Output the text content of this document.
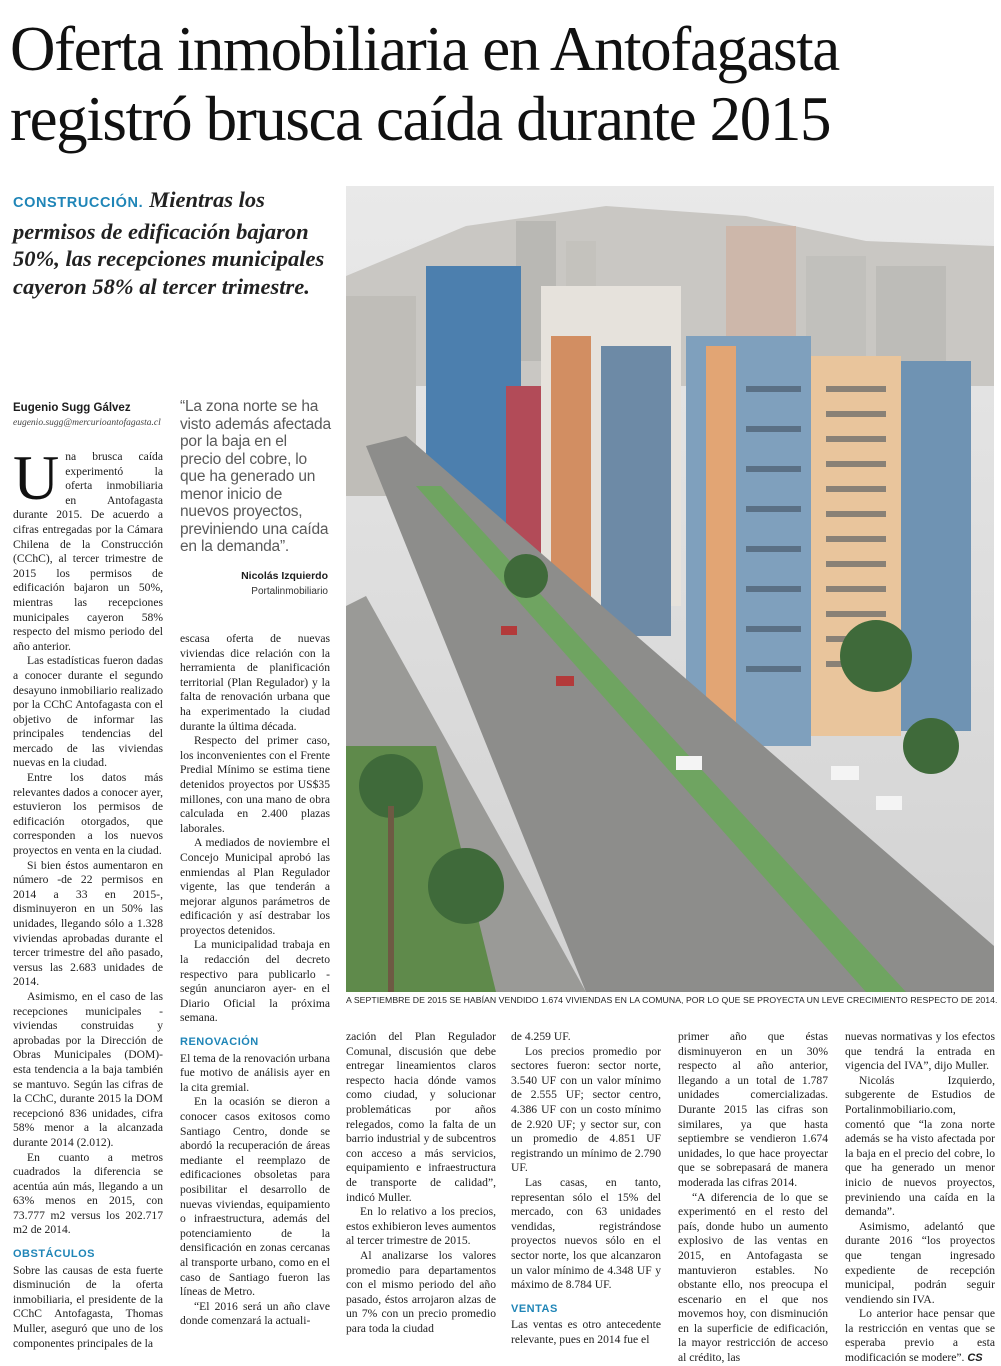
Oferta inmobiliaria en Antofagasta
registró brusca caída durante 2015
CONSTRUCCIÓN. Mientras los permisos de edificación bajaron 50%, las recepciones municipales cayeron 58% al tercer trimestre.
Eugenio Sugg Gálvez
eugenio.sugg@mercurioantofagasta.cl
“La zona norte se ha visto además afectada por la baja en el precio del cobre, lo que ha generado un menor inicio de nuevos proyectos, previniendo una caída en la demanda”.
Nicolás Izquierdo
Portalinmobiliario
U na brusca caída experimentó la oferta inmobiliaria en Antofagasta durante 2015. De acuerdo a cifras entregadas por la Cámara Chilena de la Construcción (CChC), al tercer trimestre de 2015 los permisos de edificación bajaron un 50%, mientras las recepciones municipales cayeron 58% respecto del mismo periodo del año anterior.

Las estadísticas fueron dadas a conocer durante el segundo desayuno inmobiliario realizado por la CChC Antofagasta con el objetivo de informar las principales tendencias del mercado de las viviendas nuevas en la ciudad.

Entre los datos más relevantes dados a conocer ayer, estuvieron los permisos de edificación otorgados, que corresponden a los nuevos proyectos en venta en la ciudad.

Si bien éstos aumentaron en número -de 22 permisos en 2014 a 33 en 2015-, disminuyeron en un 50% las unidades, llegando sólo a 1.328 viviendas aprobadas durante el tercer trimestre del año pasado, versus las 2.683 unidades de 2014.

Asimismo, en el caso de las recepciones municipales -viviendas construidas y aprobadas por la Dirección de Obras Municipales (DOM)- esta tendencia a la baja también se mantuvo. Según las cifras de la CChC, durante 2015 la DOM recepcionó 836 unidades, cifra 58% menor a la alcanzada durante 2014 (2.012).

En cuanto a metros cuadrados la diferencia se acentúa aún más, llegando a un 63% menos en 2015, con 73.777 m2 versus los 202.717 m2 de 2014.

OBSTÁCULOS

Sobre las causas de esta fuerte disminución de la oferta inmobiliaria, el presidente de la CChC Antofagasta, Thomas Muller, aseguró que uno de los componentes principales de la

escasa oferta de nuevas viviendas dice relación con la herramienta de planificación territorial (Plan Regulador) y la falta de renovación urbana que ha experimentado la ciudad durante la última década.

Respecto del primer caso, los inconvenientes con el Frente Predial Mínimo se estima tiene detenidos proyectos por US$35 millones, con una mano de obra calculada en 2.400 plazas laborales.

A mediados de noviembre el Concejo Municipal aprobó las enmiendas al Plan Regulador vigente, las que tenderán a mejorar algunos parámetros de edificación y así destrabar los proyectos detenidos.

La municipalidad trabaja en la redacción del decreto respectivo para publicarlo -según anunciaron ayer- en el Diario Oficial la próxima semana.

RENOVACIÓN

El tema de la renovación urbana fue motivo de análisis ayer en la cita gremial.

En la ocasión se dieron a conocer casos exitosos como Santiago Centro, donde se abordó la recuperación de áreas mediante el reemplazo de edificaciones obsoletas para posibilitar el desarrollo de nuevas viviendas, equipamiento o infraestructura, además del potenciamiento de la densificación en zonas cercanas al transporte urbano, como en el caso de Santiago fueron las líneas de Metro.

“El 2016 será un año clave donde comenzará la actuali-

A SEPTIEMBRE DE 2015 SE HABÍAN VENDIDO 1.674 VIVIENDAS EN LA COMUNA, POR LO QUE SE PROYECTA UN LEVE CRECIMIENTO RESPECTO DE 2014.

zación del Plan Regulador Comunal, discusión que debe entregar lineamientos claros respecto hacia dónde vamos como ciudad, y solucionar problemáticas por años relegados, como la falta de un barrio industrial y de subcentros con acceso a más servicios, equipamiento e infraestructura de transporte de calidad”, indicó Muller.

En lo relativo a los precios, estos exhibieron leves aumentos al tercer trimestre de 2015.

Al analizarse los valores promedio para departamentos con el mismo periodo del año pasado, éstos arrojaron alzas de un 7% con un precio promedio para toda la ciudad

de 4.259 UF.

Los precios promedio por sectores fueron: sector norte, 3.540 UF con un valor mínimo de 2.555 UF; sector centro, 4.386 UF con un costo mínimo de 2.920 UF; y sector sur, con un promedio de 4.851 UF registrando un mínimo de 2.790 UF.

Las casas, en tanto, representan sólo el 15% del mercado, con 63 unidades vendidas, registrándose proyectos nuevos sólo en el sector norte, los que alcanzaron un valor mínimo de 4.348 UF y máximo de 8.784 UF.

VENTAS

Las ventas es otro antecedente relevante, pues en 2014 fue el

primer año que éstas disminuyeron en un 30% respecto al año anterior, llegando a un total de 1.787 unidades comercializadas. Durante 2015 las cifras son similares, ya que hasta septiembre se vendieron 1.674 unidades, lo que hace proyectar que se sobrepasará de manera moderada las cifras 2014.

“A diferencia de lo que se experimentó en el resto del país, donde hubo un aumento explosivo de las ventas en 2015, en Antofagasta se mantuvieron estables. No obstante ello, nos preocupa el escenario en el que nos movemos hoy, con disminución en la superficie de edificación, la mayor restricción de acceso al crédito, las

nuevas normativas y los efectos que tendrá la entrada en vigencia del IVA”, dijo Muller.

Nicolás Izquierdo, subgerente de Estudios de Portalinmobiliario.com, comentó que “la zona norte además se ha visto afectada por la baja en el precio del cobre, lo que ha generado un menor inicio de nuevos proyectos, previniendo una caída en la demanda”.

Asimismo, adelantó que durante 2016 “los proyectos que tengan ingresado expediente de recepción municipal, podrán seguir vendiendo sin IVA.

Lo anterior hace pensar que la restricción en ventas que se esperaba previo a esta modificación se modere”. CS
